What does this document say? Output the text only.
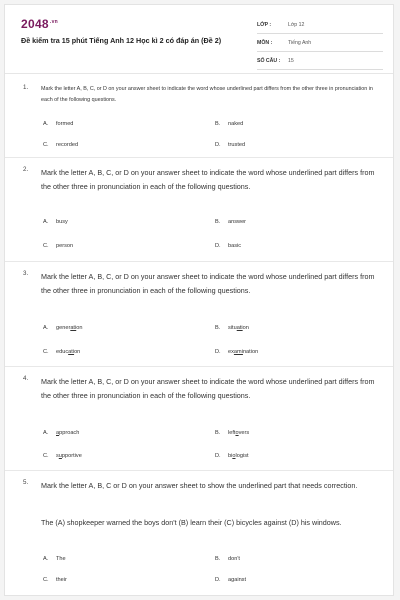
$2048^{.vn}$
Đề kiểm tra 15 phút Tiếng Anh 12 Học kì 2 có đáp án (Đề 2)
LỚP :	Lớp 12
MÔN :	Tiếng Anh
SỐ CÂU : 15
1. Mark the letter A, B, C, or D on your answer sheet to indicate the word whose underlined part differs from the other three in pronunciation in each of the following questions.
A. formed	B. naked
C. recorded	D. trusted
2. Mark the letter A, B, C, or D on your answer sheet to indicate the word whose underlined part differs from the other three in pronunciation in each of the following questions.
A. busy	B. answer
C. person	D. basic
3. Mark the letter A, B, C, or D on your answer sheet to indicate the word whose underlined part differs from the other three in pronunciation in each of the following questions.
A. generation	B. situation
C. education	D. examination
4. Mark the letter A, B, C, or D on your answer sheet to indicate the word whose underlined part differs from the other three in pronunciation in each of the following questions.
A. approach	B. leftovers
C. supportive	D. biologist
5. Mark the letter A, B, C or D on your answer sheet to show the underlined part that needs correction.
The (A) shopkeeper warned the boys don't (B) learn their (C) bicycles against (D) his windows.
A. The	B. don't
C. their	D. against
